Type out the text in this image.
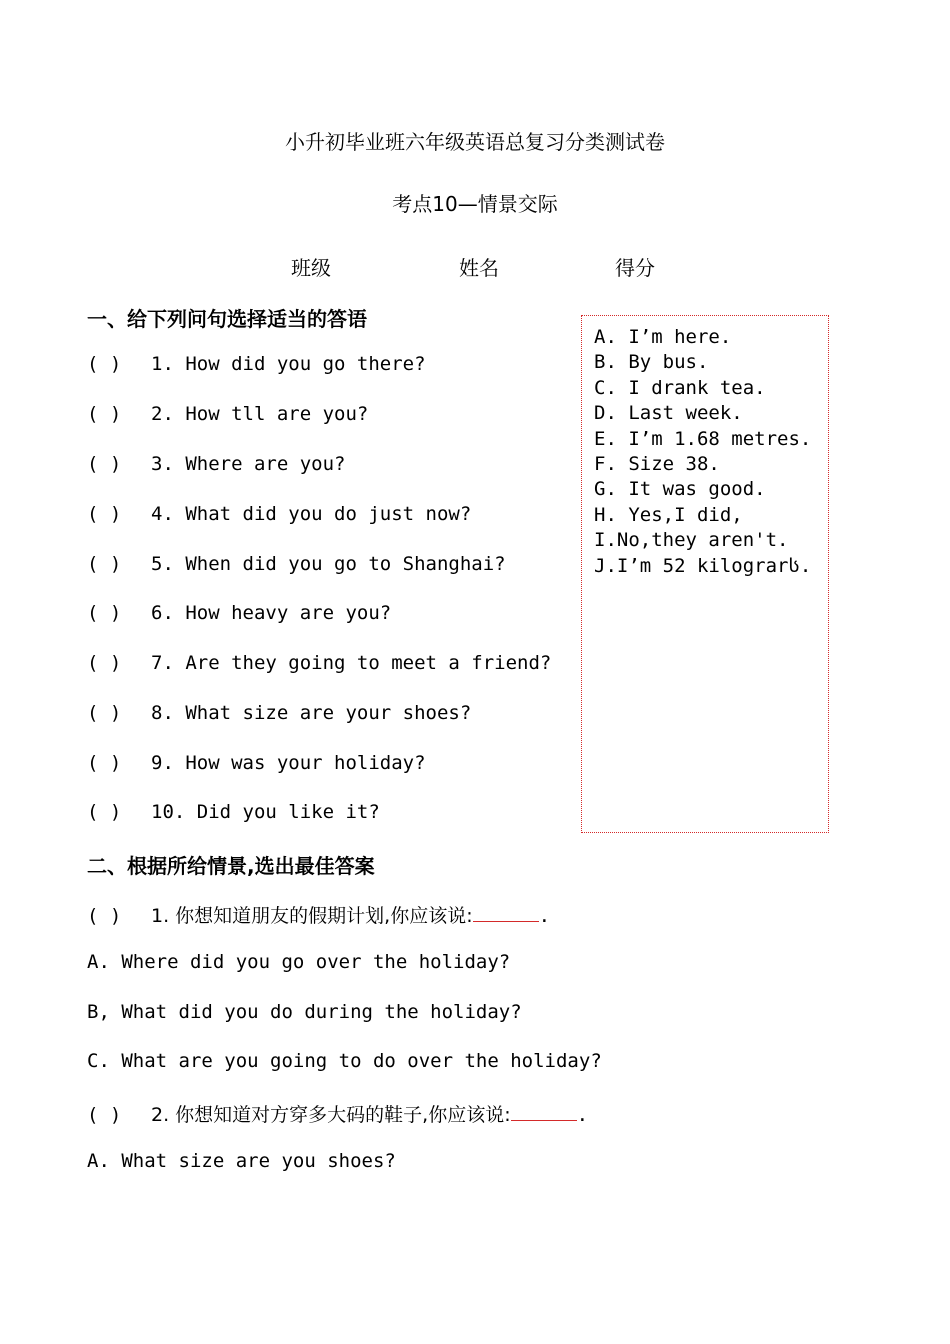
小升初毕业班六年级英语总复习分类测试卷
考点10—情景交际
班级	姓名	得分
一、给下列问句选择适当的答语
( ) 1. How did you go there?
( ) 2. How tll are you?
( ) 3. Where are you?
( ) 4. What did you do just now?
( ) 5. When did you go to Shanghai?
( ) 6. How heavy are you?
( ) 7. Are they going to meet a friend?
( ) 8. What size are your shoes?
( ) 9. How was your holiday?
( ) 10. Did you like it?
A. I’m here.
B. By bus.
C. I drank tea.
D. Last week.
E. I’m 1.68 metres.
F. Size 38.
G. It was good.
H. Yes,I did,
I.No,they aren't.
J.I’m 52 kilograrს.
二、根据所给情景,选出最佳答案
( ) 1. 你想知道朋友的假期计划,你应该说:	.
A. Where did you go over the holiday?
B, What did you do during the holiday?
C. What are you going to do over the holiday?
( ) 2. 你想知道对方穿多大码的鞋子,你应该说:	.
A. What size are you shoes?
